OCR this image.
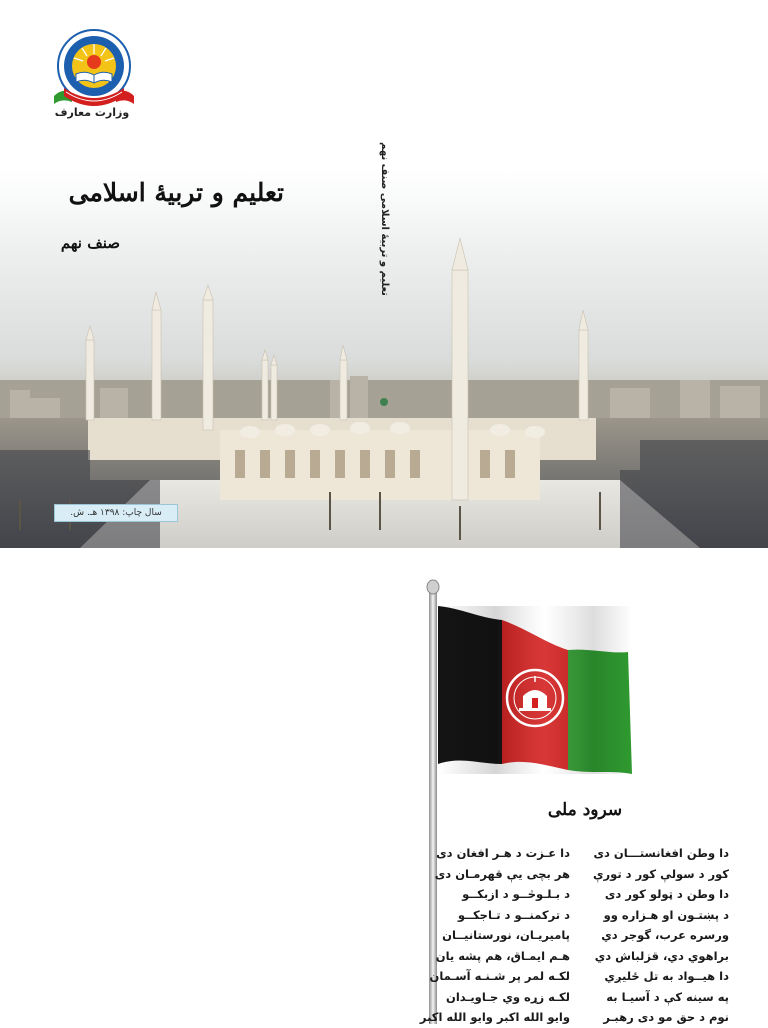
وزارت معارف
تعلیم و تربیهٔ اسلامی
صنف نهم	تعلیم و تربیهٔ اسلامی صنف نهم
سال چاپ: ۱۳۹۸ هـ. ش.
سرود ملی
دا وطن افغانستـــان دی
کور د سولې کور د تورې
دا وطن د ټولو کور دی
د پښتـون او هـزاره وو
ورسره عرب، گوجر دي
براهوي دي، قزلباش دي
دا هیــواد به تل ځلیږي
په سینه کې د آسیـا به
نوم د حق مو دی رهبـر
دا عـزت د هـر افغان دی
هر بچی یې قهرمـان دی
د بـلـوڅــو د ازبکــو
د ترکمنــو د تـاجکــو
پامیریـان، نورستانیــان
هـم ایمـاق، هم پشه یان
لکـه لمر پر شـنـه آسـمان
لکـه زړه وي جـاویـدان
وایو الله اکبر وایو الله اکبر
